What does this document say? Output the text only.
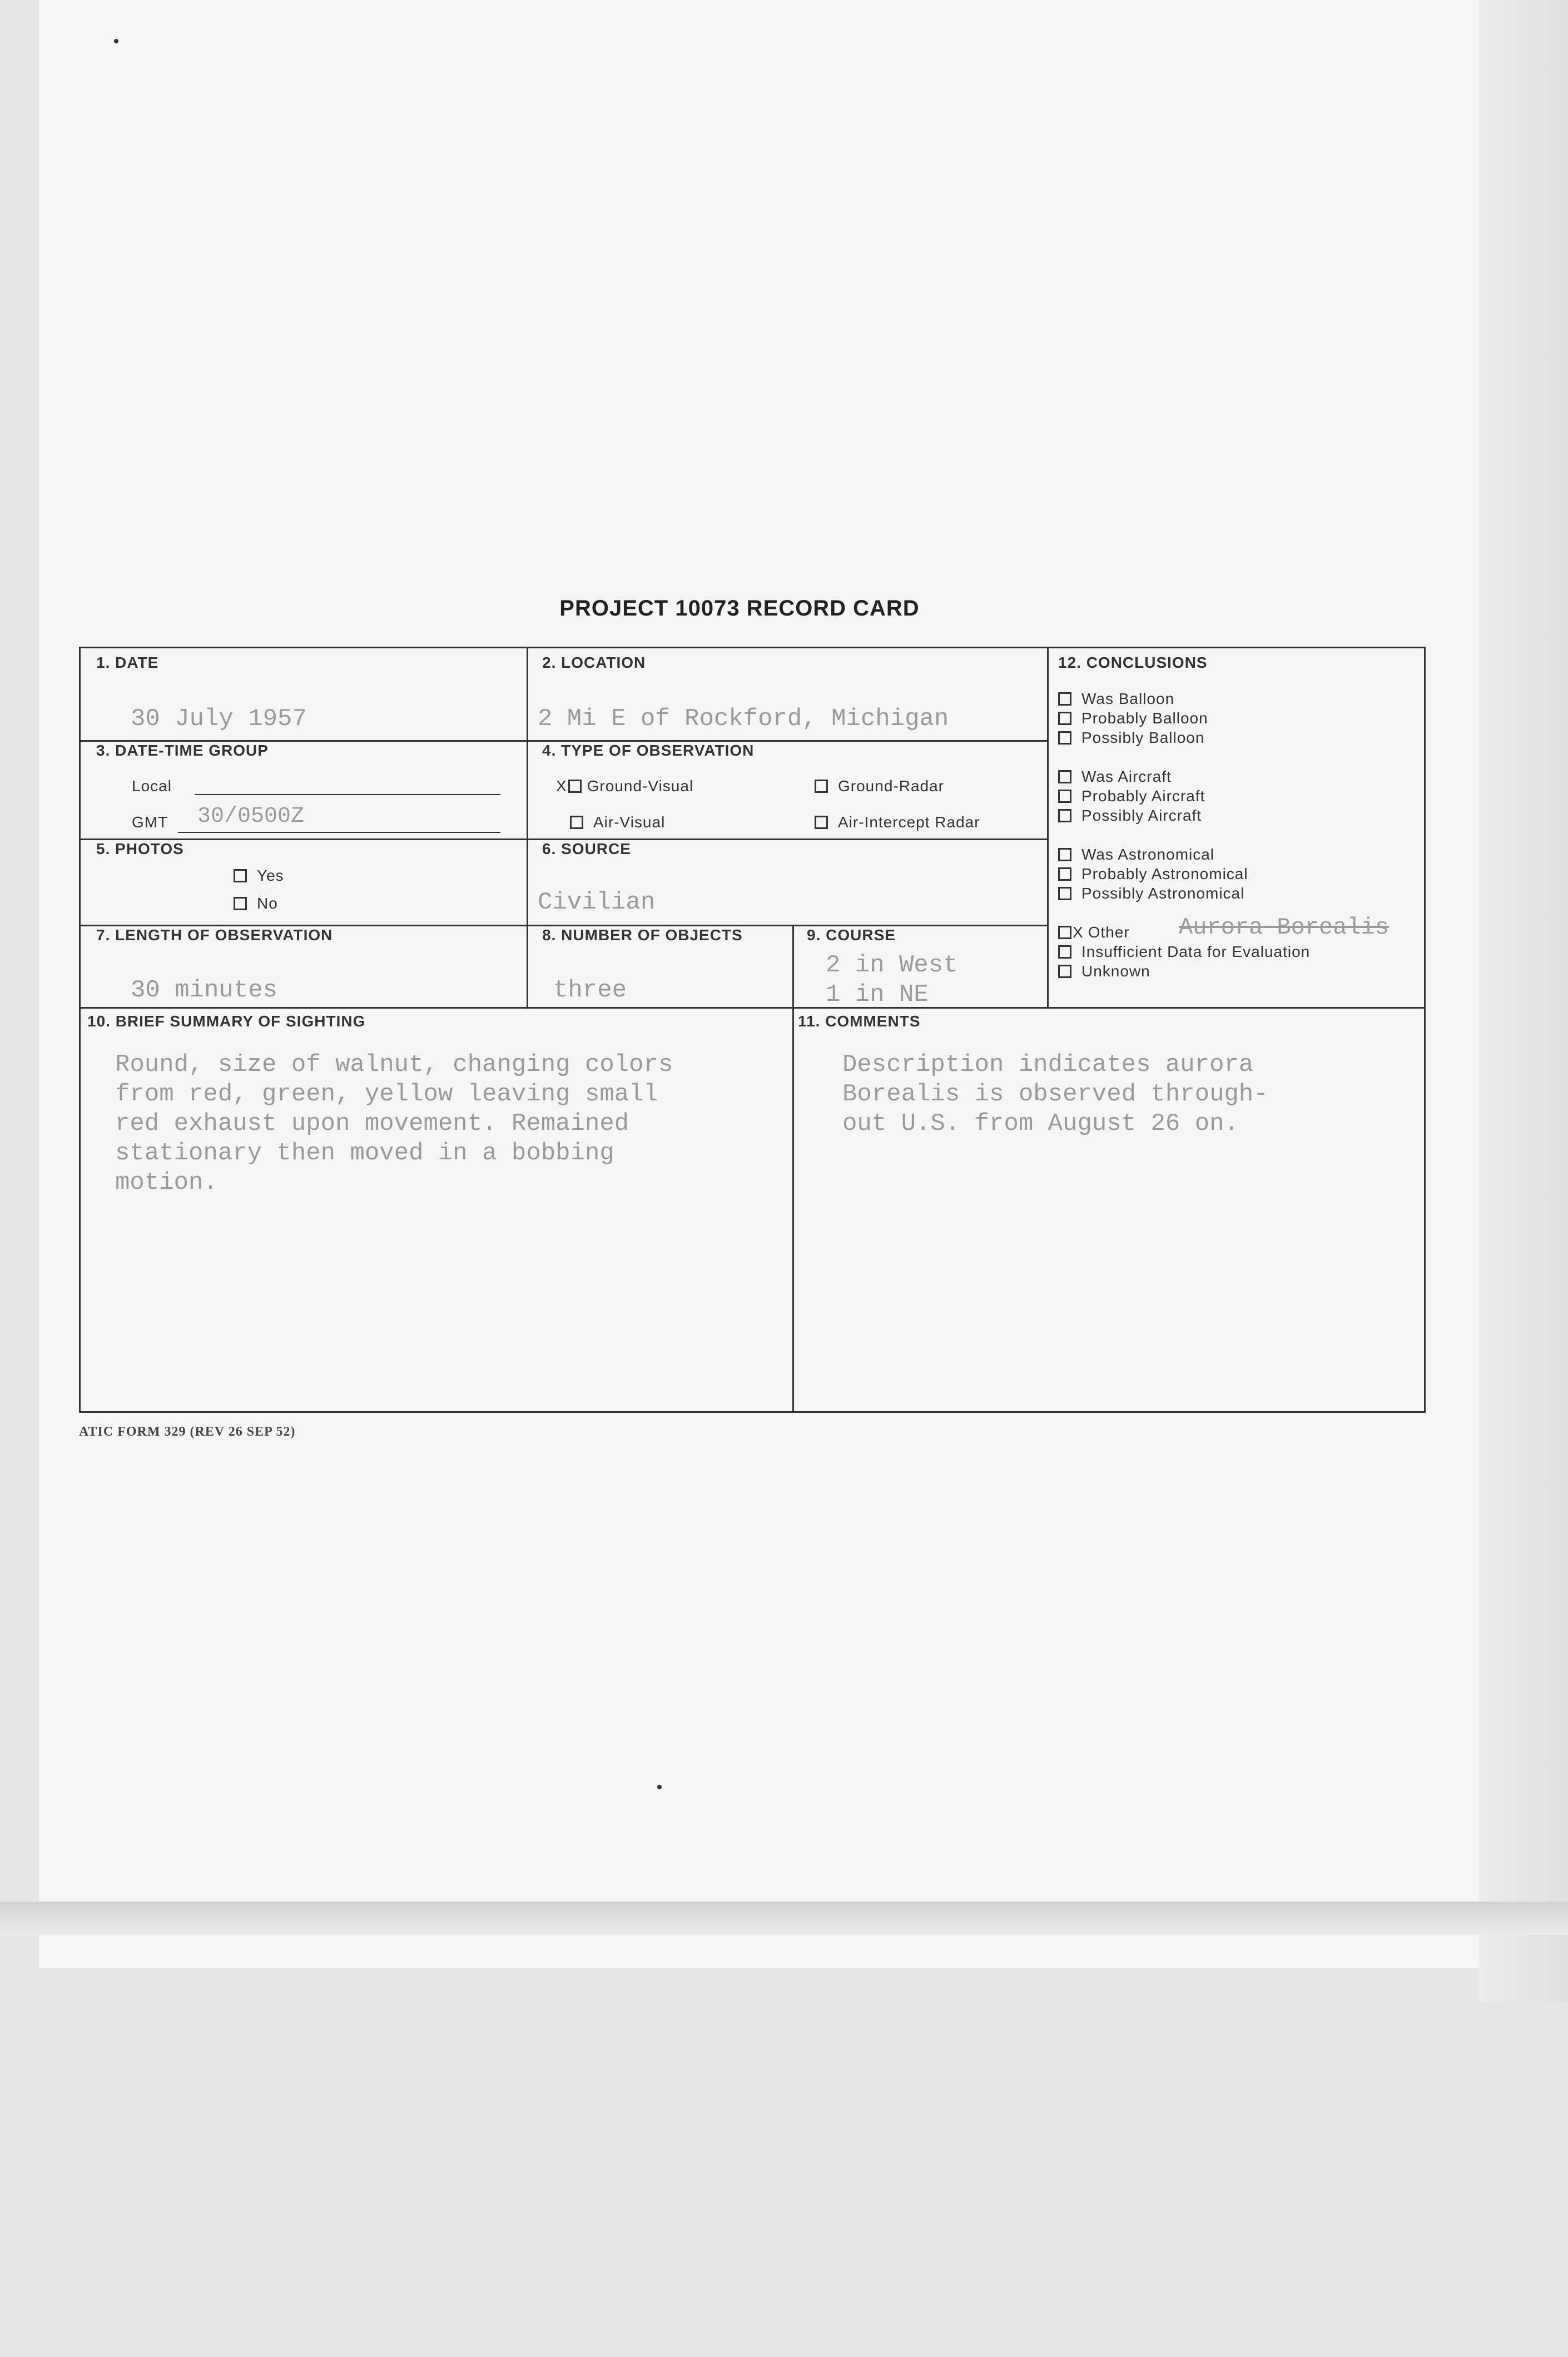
PROJECT 10073 RECORD CARD
1. DATE
30 July 1957
2. LOCATION
2 Mi E of Rockford, Michigan
3. DATE-TIME GROUP
Local
GMT 30/0500Z
4. TYPE OF OBSERVATION
X Ground-Visual	Ground-Radar
Air-Visual	Air-Intercept Radar
5. PHOTOS
Yes
No
6. SOURCE
Civilian
7. LENGTH OF OBSERVATION
30 minutes
8. NUMBER OF OBJECTS
three
9. COURSE
2 in West
1 in NE
10. BRIEF SUMMARY OF SIGHTING
Round, size of walnut, changing colors
from red, green, yellow leaving small
red exhaust upon movement. Remained
stationary then moved in a bobbing
motion.
11. COMMENTS
Description indicates aurora
Borealis is observed through-
out U.S. from August 26 on.
12. CONCLUSIONS
Was Balloon
Probably Balloon
Possibly Balloon
Was Aircraft
Probably Aircraft
Possibly Aircraft
Was Astronomical
Probably Astronomical
Possibly Astronomical
X Other Aurora Borealis
Insufficient Data for Evaluation
Unknown
ATIC FORM 329 (REV 26 SEP 52)
